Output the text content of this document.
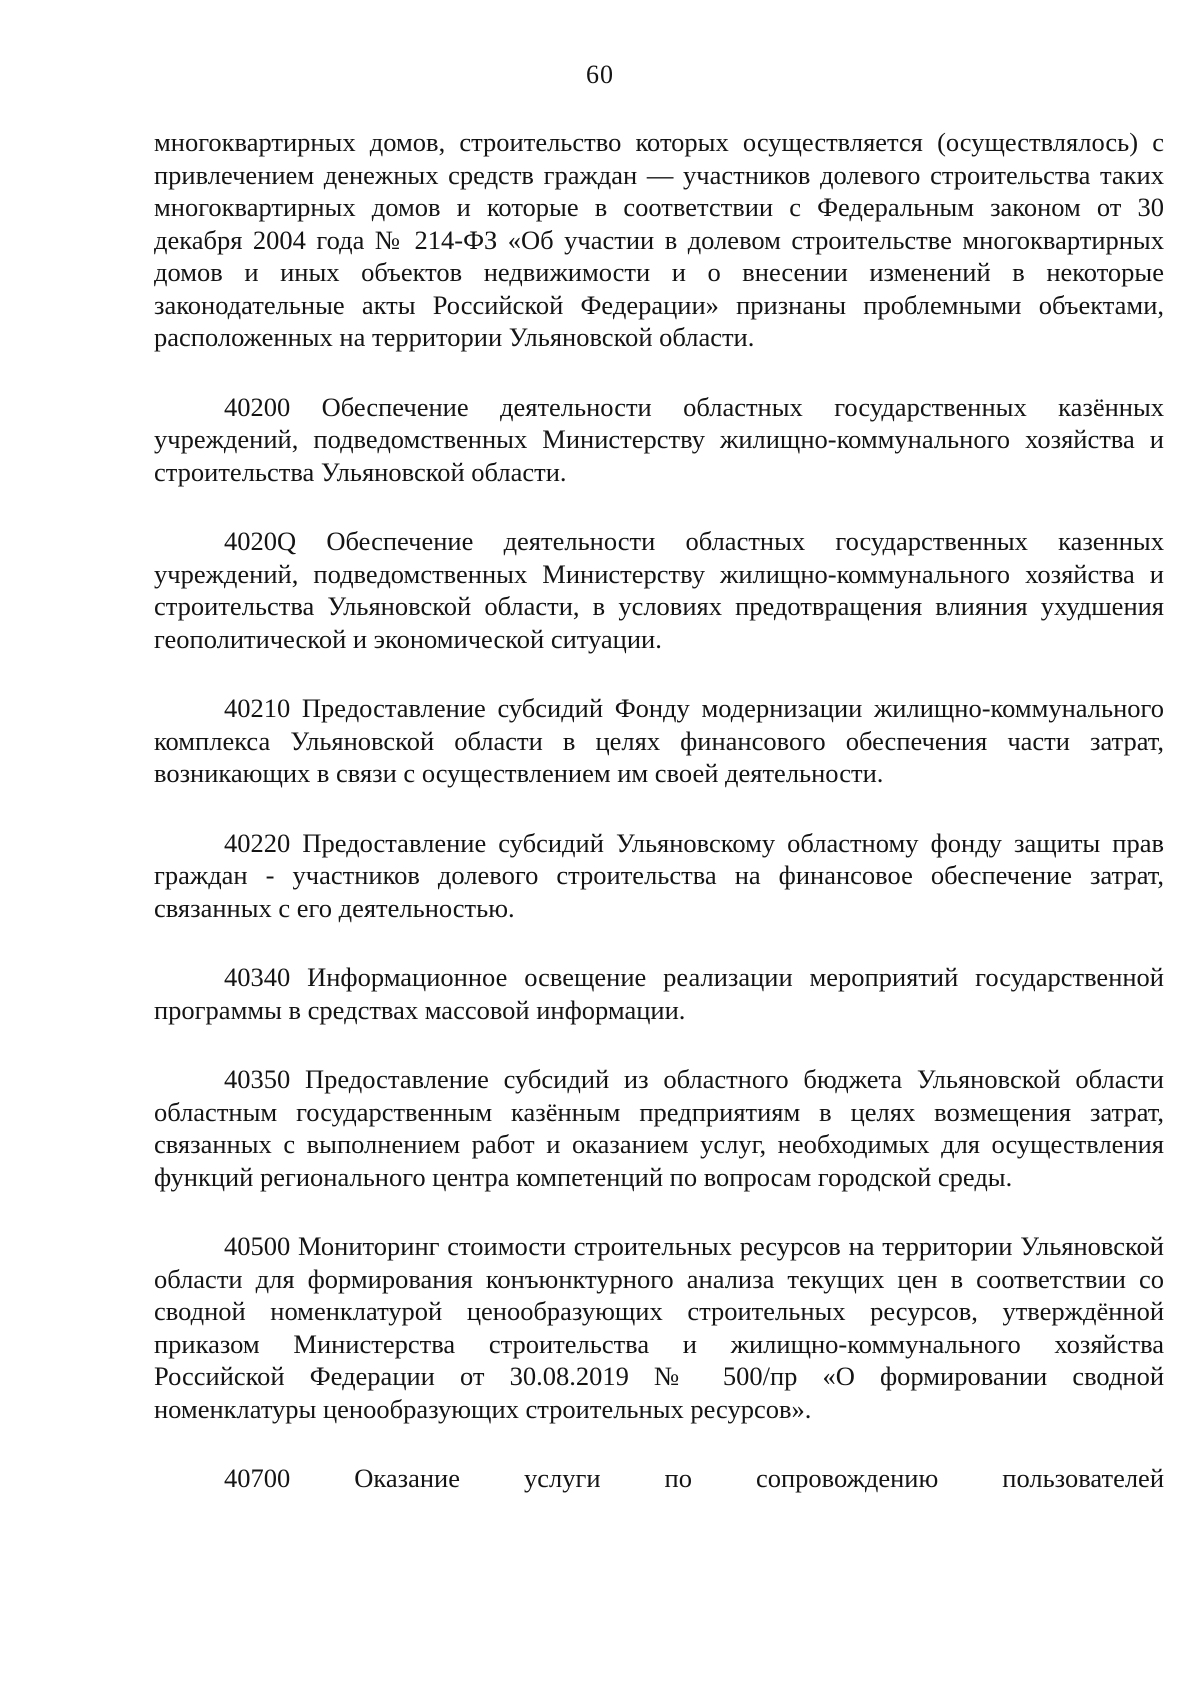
60

многоквартирных домов, строительство которых осуществляется (осуществлялось) с привлечением денежных средств граждан — участников долевого строительства таких многоквартирных домов и которые в соответствии с Федеральным законом от 30 декабря 2004 года № 214-ФЗ «Об участии в долевом строительстве многоквартирных домов и иных объектов недвижимости и о внесении изменений в некоторые законодательные акты Российской Федерации» признаны проблемными объектами, расположенных на территории Ульяновской области.

40200 Обеспечение деятельности областных государственных казённых учреждений, подведомственных Министерству жилищно-коммунального хозяйства и строительства Ульяновской области.

4020Q Обеспечение деятельности областных государственных казенных учреждений, подведомственных Министерству жилищно-коммунального хозяйства и строительства Ульяновской области, в условиях предотвращения влияния ухудшения геополитической и экономической ситуации.

40210 Предоставление субсидий Фонду модернизации жилищно-коммунального комплекса Ульяновской области в целях финансового обеспечения части затрат, возникающих в связи с осуществлением им своей деятельности.

40220 Предоставление субсидий Ульяновскому областному фонду защиты прав граждан - участников долевого строительства на финансовое обеспечение затрат, связанных с его деятельностью.

40340 Информационное освещение реализации мероприятий государственной программы в средствах массовой информации.

40350 Предоставление субсидий из областного бюджета Ульяновской области областным государственным казённым предприятиям в целях возмещения затрат, связанных с выполнением работ и оказанием услуг, необходимых для осуществления функций регионального центра компетенций по вопросам городской среды.

40500 Мониторинг стоимости строительных ресурсов на территории Ульяновской области для формирования конъюнктурного анализа текущих цен в соответствии со сводной номенклатурой ценообразующих строительных ресурсов, утверждённой приказом Министерства строительства и жилищно-коммунального хозяйства Российской Федерации от 30.08.2019 № 500/пр «О формировании сводной номенклатуры ценообразующих строительных ресурсов».

40700 Оказание услуги по сопровождению пользователей
